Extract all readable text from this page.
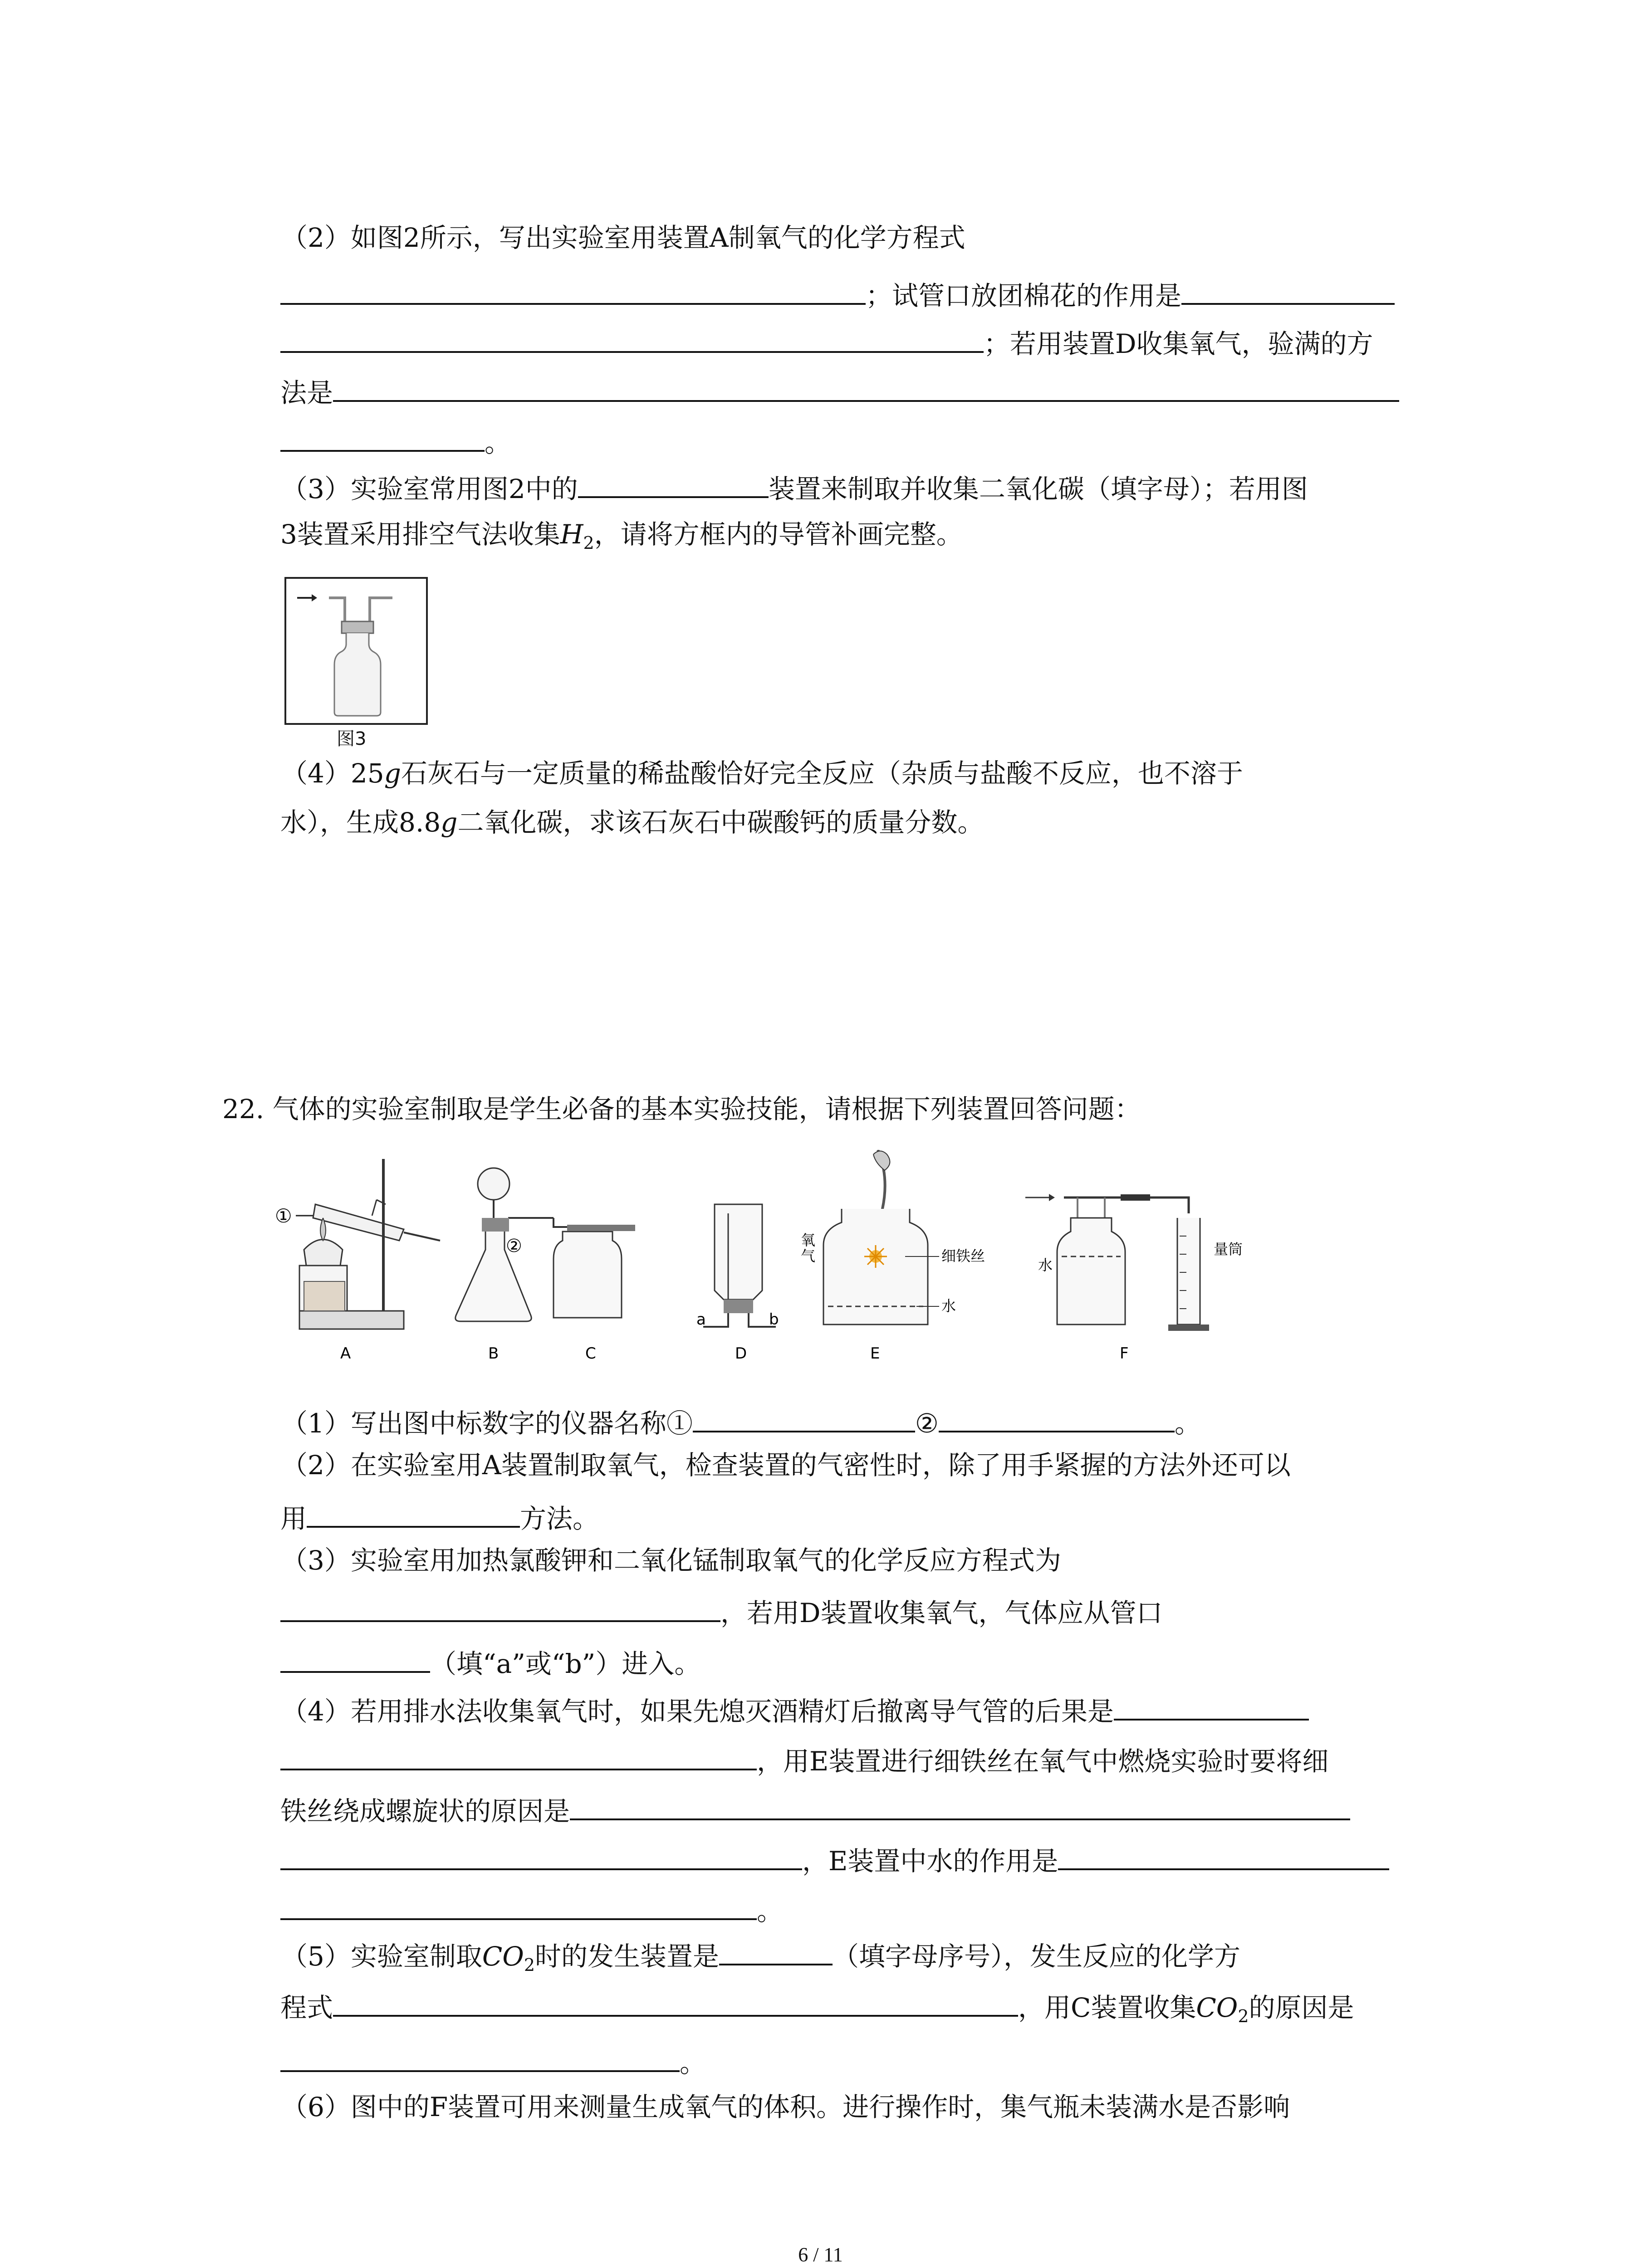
（2）如图2所示，写出实验室用装置A制氧气的化学方程式
；试管口放团棉花的作用是
；若用装置D收集氧气，验满的方
法是
。
（3）实验室常用图2中的	装置来制取并收集二氧化碳（填字母）；若用图
3装置采用排空气法收集$H_2$，请将方框内的导管补画完整。
图3
（4）25g石灰石与一定质量的稀盐酸恰好完全反应（杂质与盐酸不反应，也不溶于
水），生成8.8g二氧化碳，求该石灰石中碳酸钙的质量分数。
22. 气体的实验室制取是学生必备的基本实验技能，请根据下列装置回答问题：
①
A	B
②
C
a	b
D
氧气	细铁丝
水
E
水
量筒
F
（1）写出图中标数字的仪器名称①	②	。
（2）在实验室用A装置制取氧气，检查装置的气密性时，除了用手紧握的方法外还可以
用	方法。
（3）实验室用加热氯酸钾和二氧化锰制取氧气的化学反应方程式为
，若用D装置收集氧气，气体应从管口
（填“a”或“b”）进入。
（4）若用排水法收集氧气时，如果先熄灭酒精灯后撤离导气管的后果是
，用E装置进行细铁丝在氧气中燃烧实验时要将细
铁丝绕成螺旋状的原因是
，E装置中水的作用是
。
（5）实验室制取$CO_2$时的发生装置是	（填字母序号），发生反应的化学方
程式	，用C装置收集$CO_2$的原因是
。
（6）图中的F装置可用来测量生成氧气的体积。进行操作时，集气瓶未装满水是否影响
6 / 11
